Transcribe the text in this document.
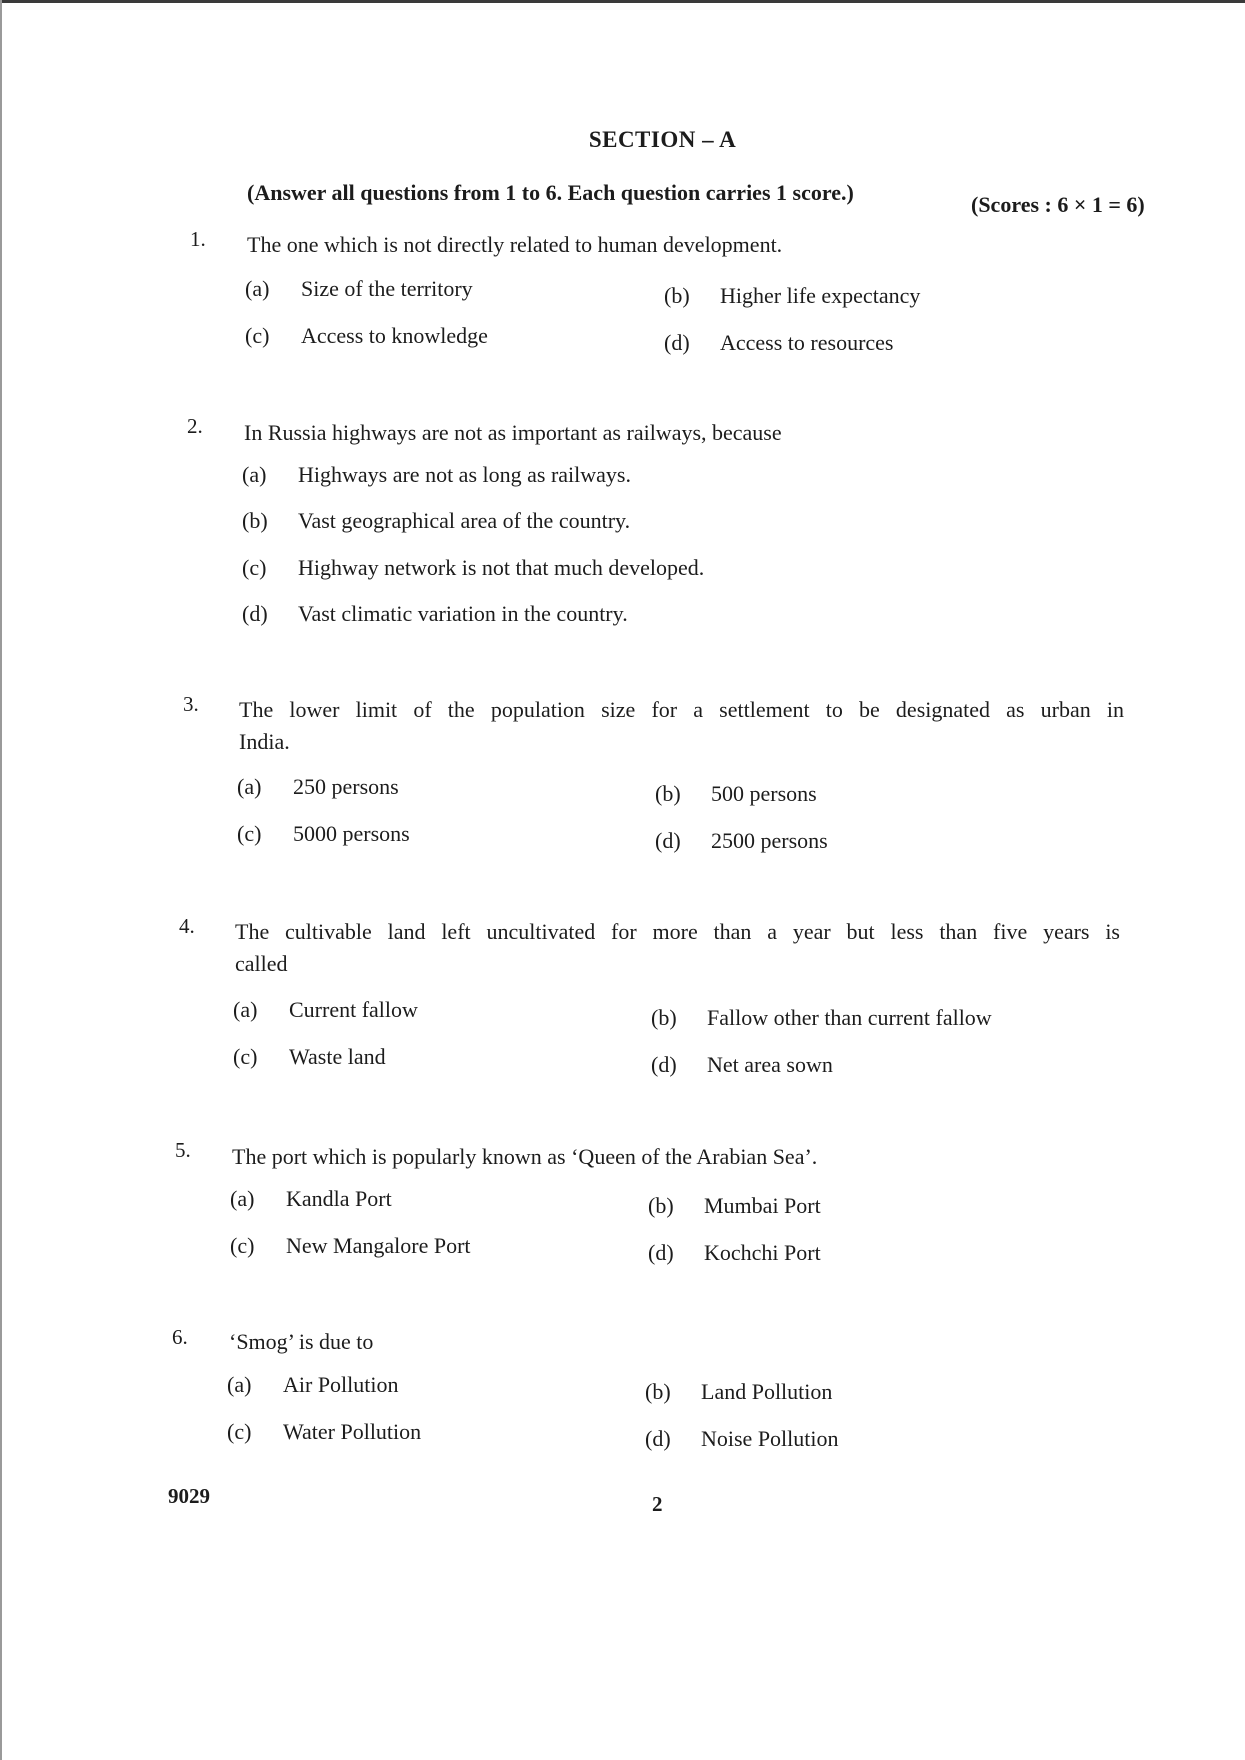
SECTION – A
(Answer all questions from 1 to 6. Each question carries 1 score.)	(Scores : 6 × 1 = 6)
1. The one which is not directly related to human development.
(a) Size of the territory	(b) Higher life expectancy
(c) Access to knowledge	(d) Access to resources
2. In Russia highways are not as important as railways, because
(a) Highways are not as long as railways.
(b) Vast geographical area of the country.
(c) Highway network is not that much developed.
(d) Vast climatic variation in the country.
3. The lower limit of the population size for a settlement to be designated as urban in
India.
(a) 250 persons	(b) 500 persons
(c) 5000 persons	(d) 2500 persons
4. The cultivable land left uncultivated for more than a year but less than five years is
called
(a) Current fallow	(b) Fallow other than current fallow
(c) Waste land	(d) Net area sown
5. The port which is popularly known as ‘Queen of the Arabian Sea’.
(a) Kandla Port	(b) Mumbai Port
(c) New Mangalore Port	(d) Kochchi Port
6. ‘Smog’ is due to
(a) Air Pollution	(b) Land Pollution
(c) Water Pollution	(d) Noise Pollution
9029	2
